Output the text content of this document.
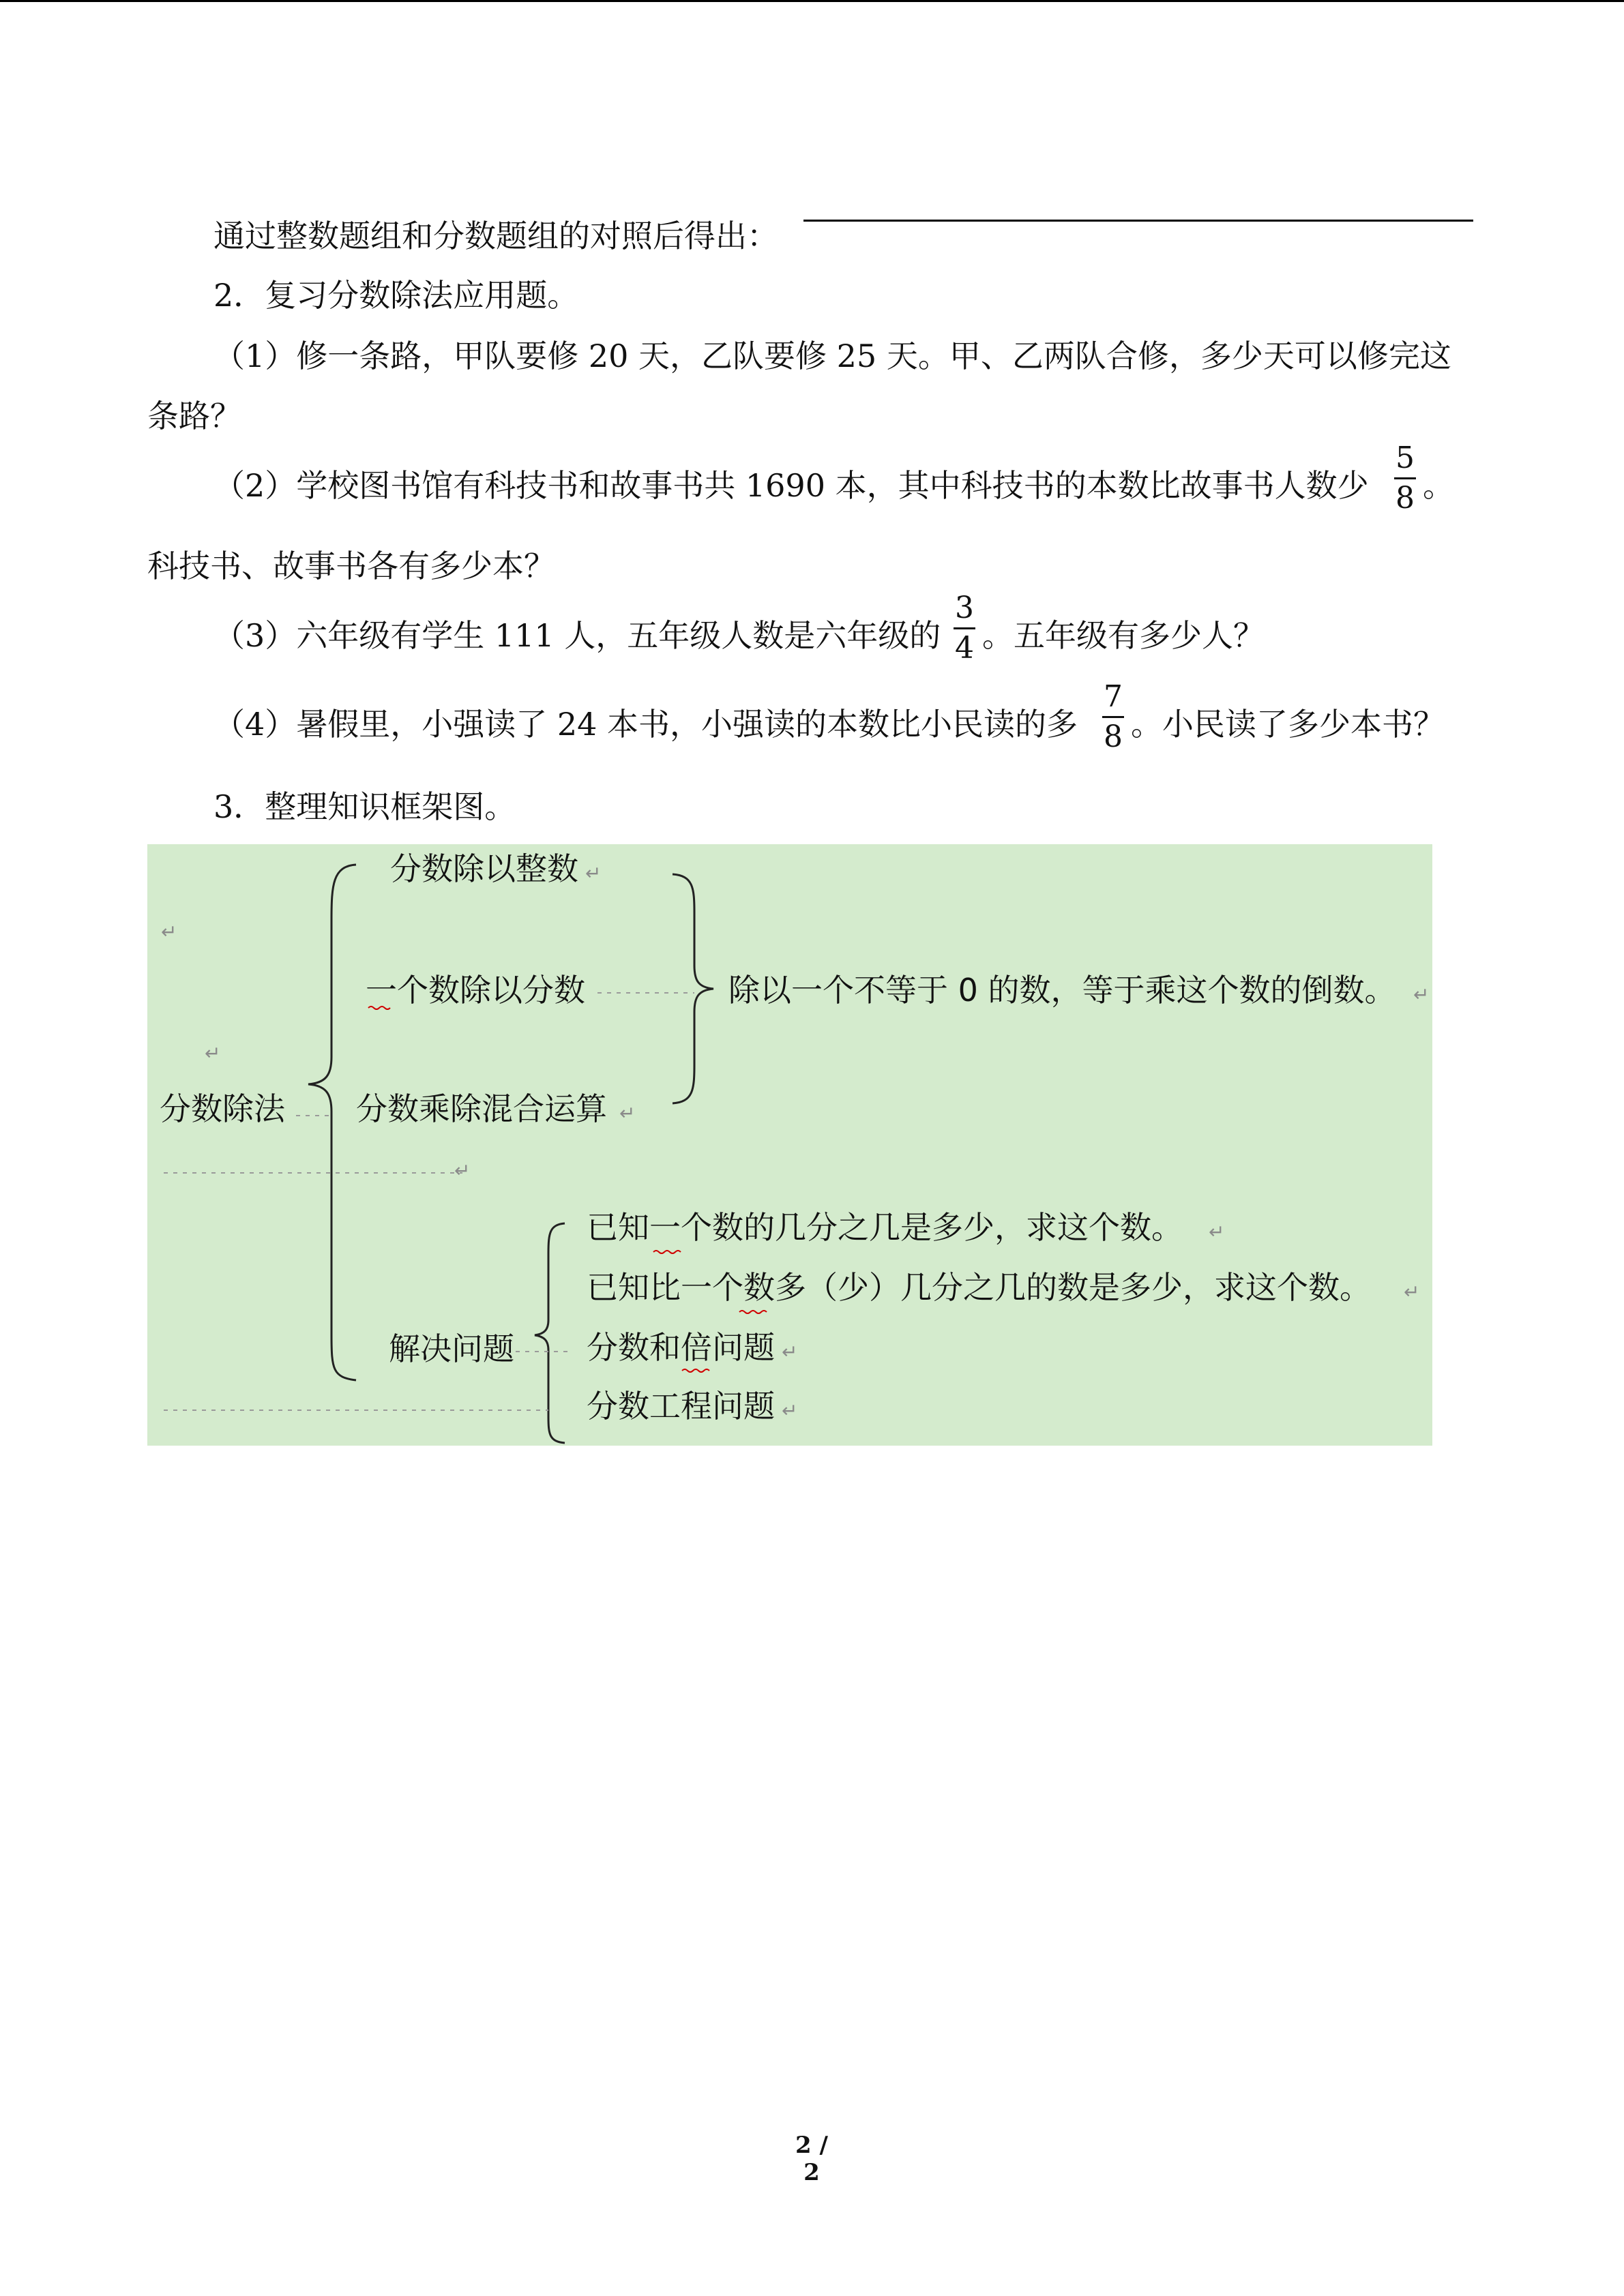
通过整数题组和分数题组的对照后得出：
2．复习分数除法应用题。
（1）修一条路，甲队要修 20 天，乙队要修 25 天。甲、乙两队合修，多少天可以修完这
条路？
（2）学校图书馆有科技书和故事书共 1690 本，其中科技书的本数比故事书人数少
5
8 。
科技书、故事书各有多少本？
（3）六年级有学生 111 人，五年级人数是六年级的
3
4 。五年级有多少人？
（4）暑假里，小强读了 24 本书，小强读的本数比小民读的多
7
8 。小民读了多少本书？
3．整理知识框架图。
分数除以整数
一个数除以分数	除以一个不等于 0 的数，等于乘这个数的倒数。
分数除法 分数乘除混合运算
解决问题
已知一个数的几分之几是多少，求这个数。
已知比一个数多（少）几分之几的数是多少，求这个数。
分数和倍问题
分数工程问题
↵
↵
↵
↵
↵
↵
↵
↵
↵
↵
2 / 2
